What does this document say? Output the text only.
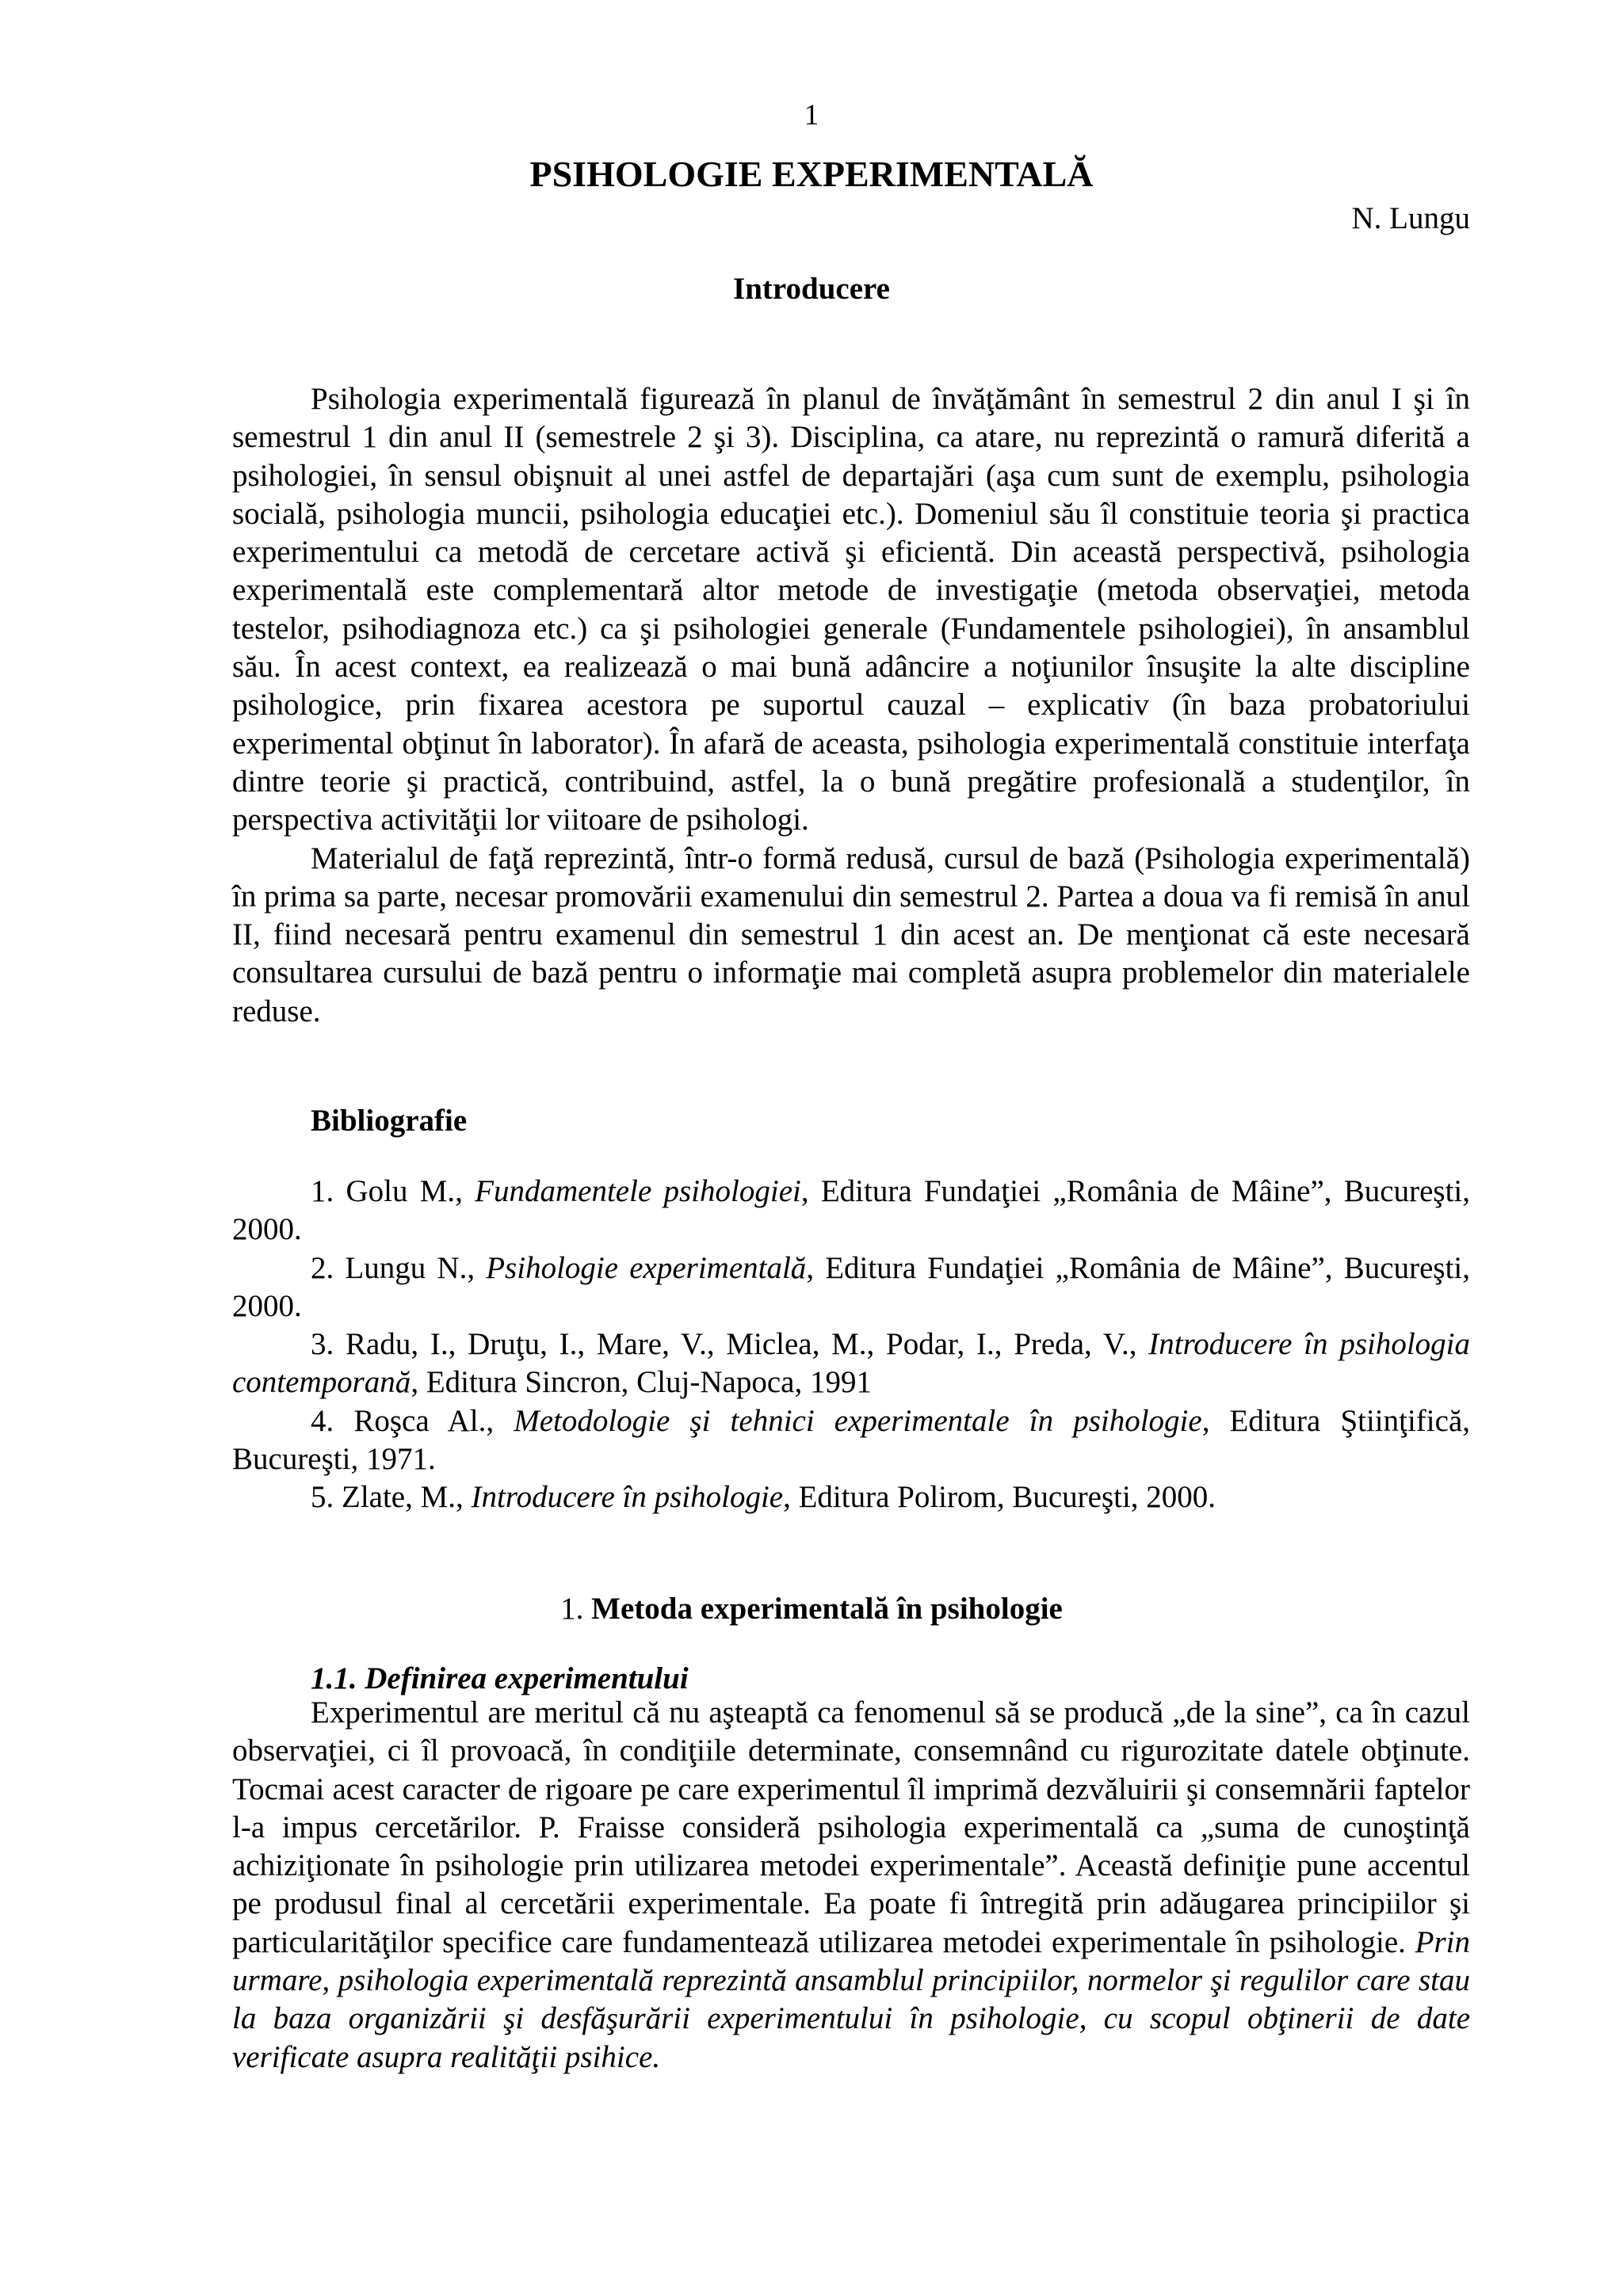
1
PSIHOLOGIE EXPERIMENTALĂ
N. Lungu
Introducere

Psihologia experimentală figurează în planul de învăţământ în semestrul 2 din anul I şi în semestrul 1 din anul II (semestrele 2 şi 3). Disciplina, ca atare, nu reprezintă o ramură diferită a psihologiei, în sensul obişnuit al unei astfel de departajări (aşa cum sunt de exemplu, psihologia socială, psihologia muncii, psihologia educaţiei etc.). Domeniul său îl constituie teoria şi practica experimentului ca metodă de cercetare activă şi eficientă. Din această perspectivă, psihologia experimentală este complementară altor metode de investigaţie (metoda observaţiei, metoda testelor, psihodiagnoza etc.) ca şi psihologiei generale (Fundamentele psihologiei), în ansamblul său. În acest context, ea realizează o mai bună adâncire a noţiunilor însuşite la alte discipline psihologice, prin fixarea acestora pe suportul cauzal – explicativ (în baza probatoriului experimental obţinut în laborator). În afară de aceasta, psihologia experimentală constituie interfaţa dintre teorie şi practică, contribuind, astfel, la o bună pregătire profesională a studenţilor, în perspectiva activităţii lor viitoare de psihologi.

Materialul de faţă reprezintă, într-o formă redusă, cursul de bază (Psihologia experimentală) în prima sa parte, necesar promovării examenului din semestrul 2. Partea a doua va fi remisă în anul II, fiind necesară pentru examenul din semestrul 1 din acest an. De menţionat că este necesară consultarea cursului de bază pentru o informaţie mai completă asupra problemelor din materialele reduse.

Bibliografie

1. Golu M., Fundamentele psihologiei, Editura Fundaţiei „România de Mâine”, Bucureşti, 2000.

2. Lungu N., Psihologie experimentală, Editura Fundaţiei „România de Mâine”, Bucureşti, 2000.

3. Radu, I., Druţu, I., Mare, V., Miclea, M., Podar, I., Preda, V., Introducere în psihologia contemporană, Editura Sincron, Cluj-Napoca, 1991

4. Roşca Al., Metodologie şi tehnici experimentale în psihologie, Editura Ştiinţifică, Bucureşti, 1971.

5. Zlate, M., Introducere în psihologie, Editura Polirom, Bucureşti, 2000.

1. Metoda experimentală în psihologie
1.1. Definirea experimentului

Experimentul are meritul că nu aşteaptă ca fenomenul să se producă „de la sine”, ca în cazul observaţiei, ci îl provoacă, în condiţiile determinate, consemnând cu rigurozitate datele obţinute. Tocmai acest caracter de rigoare pe care experimentul îl imprimă dezvăluirii şi consemnării faptelor l-a impus cercetărilor. P. Fraisse consideră psihologia experimentală ca „suma de cunoştinţă achiziţionate în psihologie prin utilizarea metodei experimentale”. Această definiţie pune accentul pe produsul final al cercetării experimentale. Ea poate fi întregită prin adăugarea principiilor şi particularităţilor specifice care fundamentează utilizarea metodei experimentale în psihologie. Prin urmare, psihologia experimentală reprezintă ansamblul principiilor, normelor şi regulilor care stau la baza organizării şi desfăşurării experimentului în psihologie, cu scopul obţinerii de date verificate asupra realităţii psihice.
